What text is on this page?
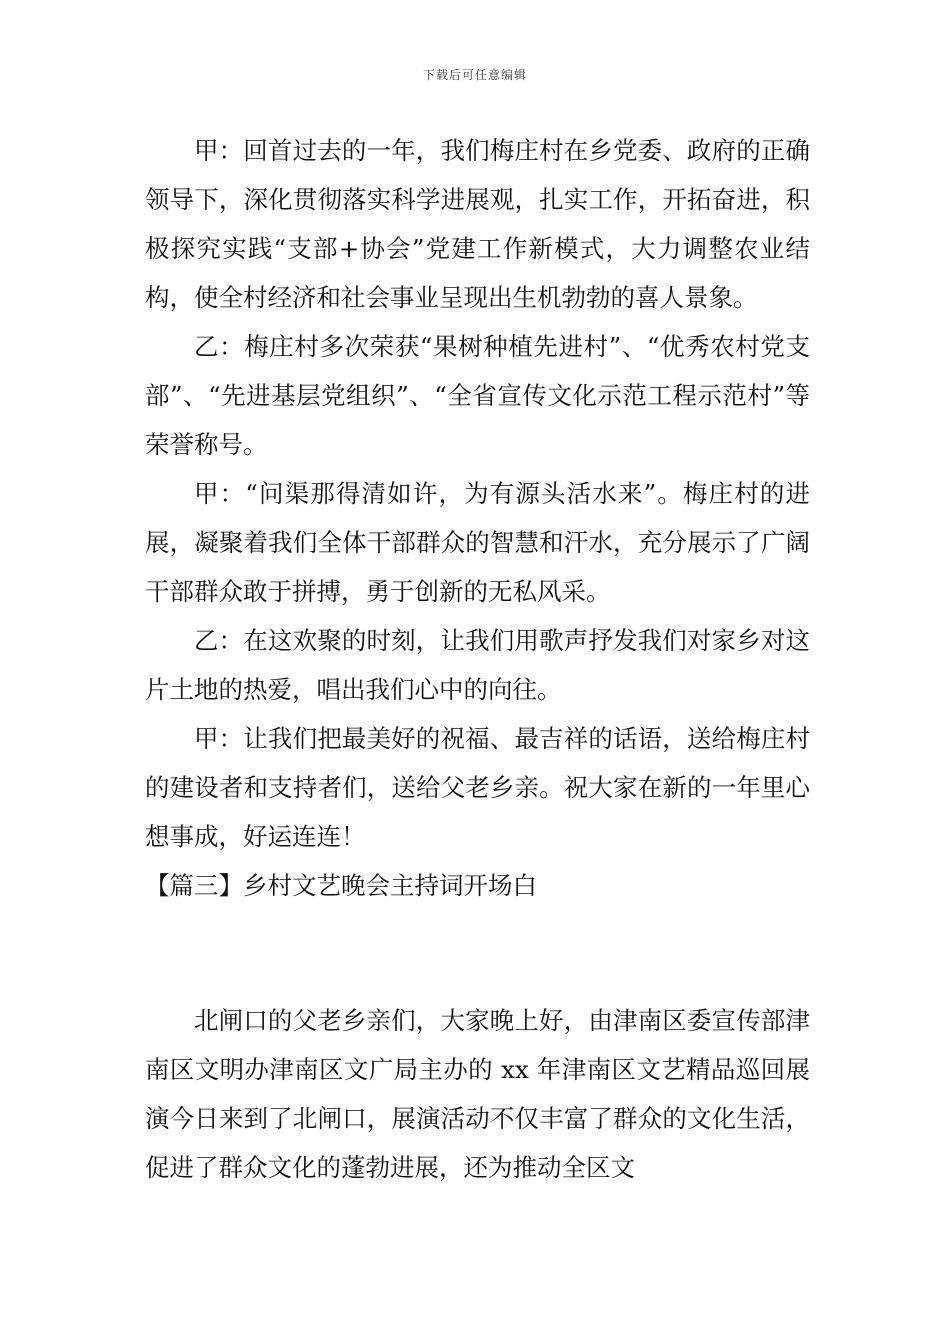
下载后可任意编辑

甲：回首过去的一年，我们梅庄村在乡党委、政府的正确领导下，深化贯彻落实科学进展观，扎实工作，开拓奋进，积极探究实践“支部+协会”党建工作新模式，大力调整农业结构，使全村经济和社会事业呈现出生机勃勃的喜人景象。

乙：梅庄村多次荣获“果树种植先进村”、“优秀农村党支部”、“先进基层党组织”、“全省宣传文化示范工程示范村”等荣誉称号。

甲：“问渠那得清如许，为有源头活水来”。梅庄村的进展，凝聚着我们全体干部群众的智慧和汗水，充分展示了广阔干部群众敢于拼搏，勇于创新的无私风采。

乙：在这欢聚的时刻，让我们用歌声抒发我们对家乡对这片土地的热爱，唱出我们心中的向往。

甲：让我们把最美好的祝福、最吉祥的话语，送给梅庄村的建设者和支持者们，送给父老乡亲。祝大家在新的一年里心想事成，好运连连！

【篇三】乡村文艺晚会主持词开场白

北闸口的父老乡亲们，大家晚上好，由津南区委宣传部津南区文明办津南区文广局主办的 xx 年津南区文艺精品巡回展演今日来到了北闸口，展演活动不仅丰富了群众的文化生活，促进了群众文化的蓬勃进展，还为推动全区文
